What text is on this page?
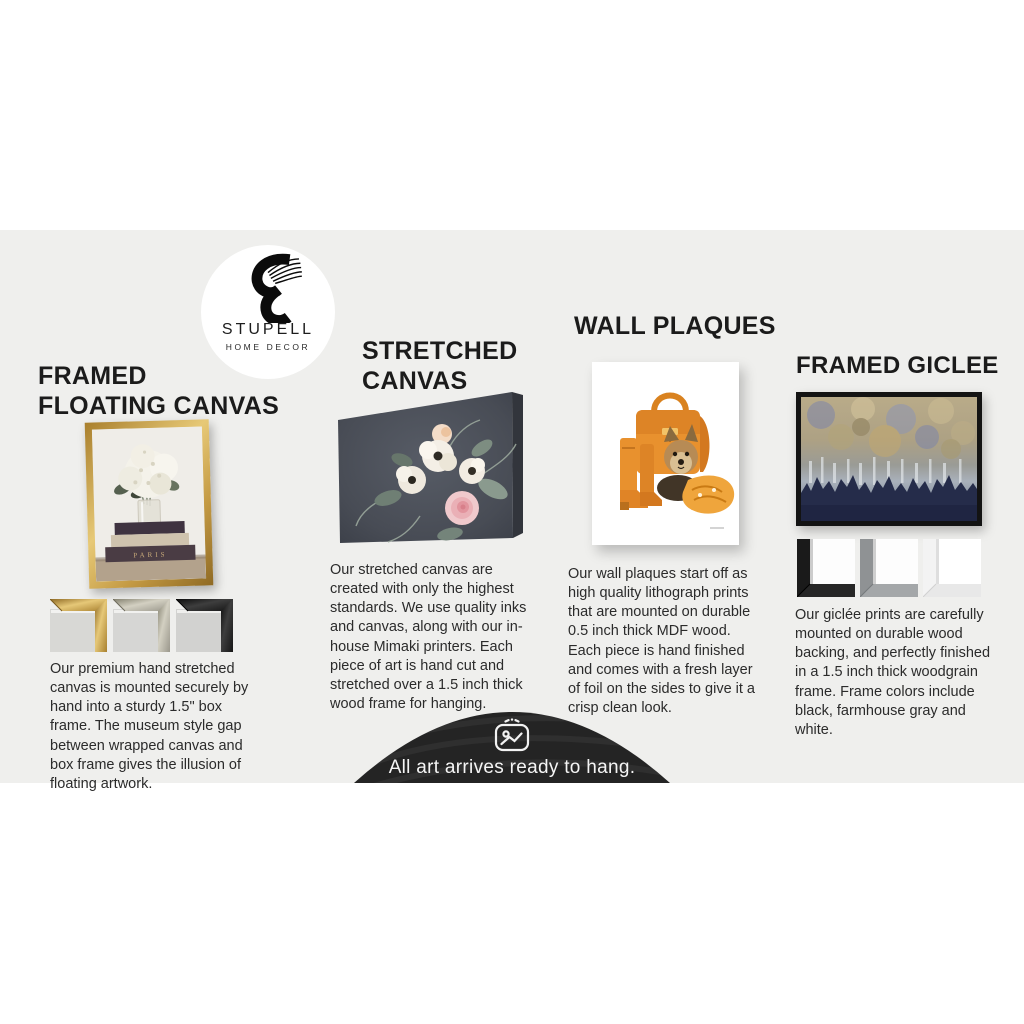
STUPELL
HOME DECOR
FRAMED
FLOATING CANVAS
STRETCHED
CANVAS
WALL PLAQUES
FRAMED GICLEE
PARIS
Our premium hand stretched canvas is mounted securely by hand into a sturdy 1.5" box frame. The museum style gap between wrapped canvas and box frame gives the illusion of floating artwork.
Our stretched canvas are created with only the highest standards. We use quality inks and canvas, along with our in-house Mimaki printers. Each piece of art is hand cut and stretched over a 1.5 inch thick wood frame for hanging.
Our wall plaques start off as high quality lithograph prints that are mounted on durable 0.5 inch thick MDF wood. Each piece is hand finished and comes with a fresh layer of foil on the sides to give it a crisp clean look.
Our giclée prints are carefully mounted on durable wood backing, and perfectly finished in a 1.5 inch thick woodgrain frame. Frame colors include black, farmhouse gray and white.
All art arrives ready to hang.
